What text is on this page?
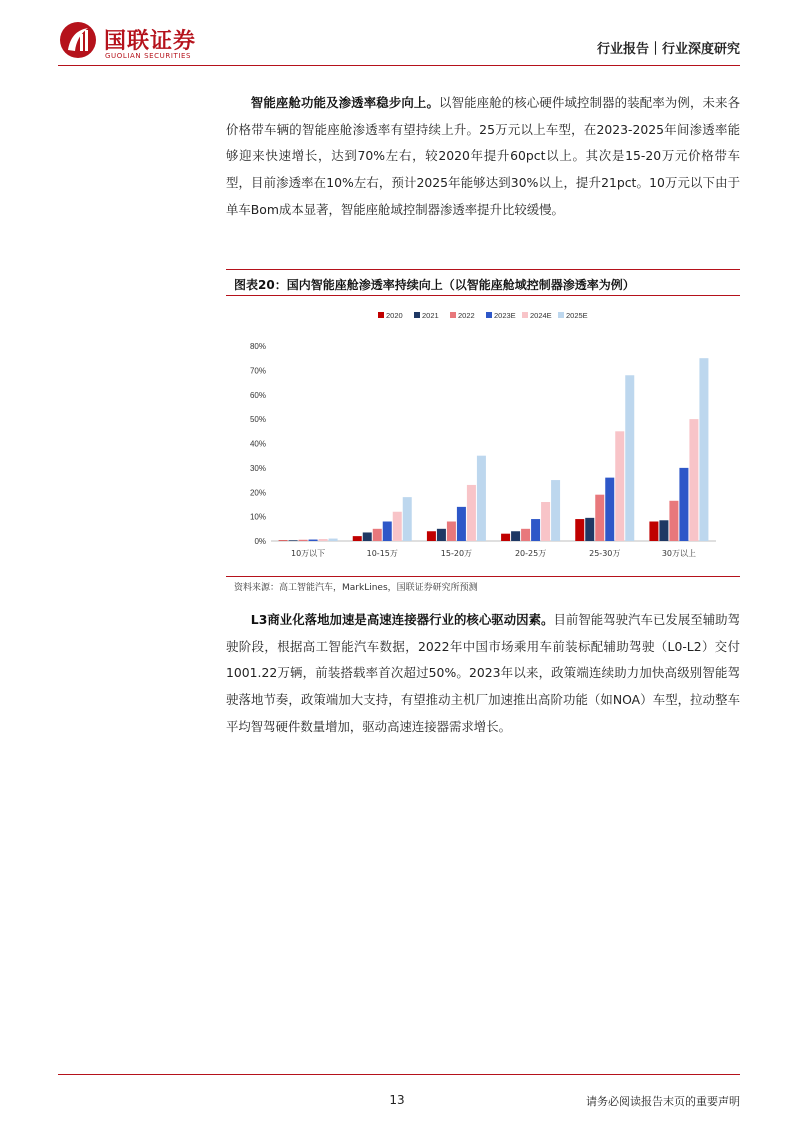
国联证券
GUOLIAN SECURITIES	行业报告｜行业深度研究

智能座舱功能及渗透率稳步向上。以智能座舱的核心硬件域控制器的装配率为例，未来各价格带车辆的智能座舱渗透率有望持续上升。25万元以上车型，在2023-2025年间渗透率能够迎来快速增长，达到70%左右，较2020年提升60pct以上。其次是15-20万元价格带车型，目前渗透率在10%左右，预计2025年能够达到30%以上，提升21pct。10万元以下由于单车Bom成本显著，智能座舱域控制器渗透率提升比较缓慢。

图表20：国内智能座舱渗透率持续向上（以智能座舱域控制器渗透率为例）
0%
10%
20%
30%
40%
50%
60%
70%
80%
10万以下	10-15万	15-20万	20-25万	25-30万	30万以上
2020	2021	2022	2023E 2024E 2025E
资料来源：高工智能汽车，MarkLines，国联证券研究所预测

L3商业化落地加速是高速连接器行业的核心驱动因素。目前智能驾驶汽车已发展至辅助驾驶阶段，根据高工智能汽车数据，2022年中国市场乘用车前装标配辅助驾驶（L0-L2）交付1001.22万辆，前装搭载率首次超过50%。2023年以来，政策端连续助力加快高级别智能驾驶落地节奏，政策端加大支持，有望推动主机厂加速推出高阶功能（如NOA）车型，拉动整车平均智驾硬件数量增加，驱动高速连接器需求增长。

13	请务必阅读报告末页的重要声明
